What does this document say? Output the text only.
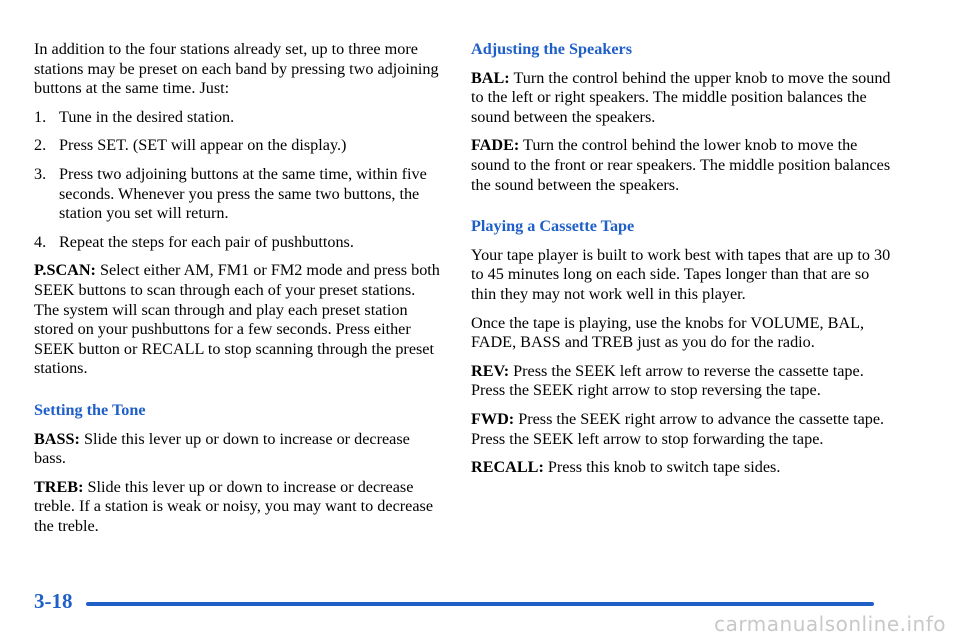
In addition to the four stations already set, up to three more stations may be preset on each band by pressing two adjoining buttons at the same time. Just:

1. Tune in the desired station.
2. Press SET. (SET will appear on the display.)
3. Press two adjoining buttons at the same time, within five seconds. Whenever you press the same two buttons, the station you set will return.
4. Repeat the steps for each pair of pushbuttons.

P.SCAN: Select either AM, FM1 or FM2 mode and press both SEEK buttons to scan through each of your preset stations. The system will scan through and play each preset station stored on your pushbuttons for a few seconds. Press either SEEK button or RECALL to stop scanning through the preset stations.

Setting the Tone

BASS: Slide this lever up or down to increase or decrease bass.

TREB: Slide this lever up or down to increase or decrease treble. If a station is weak or noisy, you may want to decrease the treble.

Adjusting the Speakers

BAL: Turn the control behind the upper knob to move the sound to the left or right speakers. The middle position balances the sound between the speakers.

FADE: Turn the control behind the lower knob to move the sound to the front or rear speakers. The middle position balances the sound between the speakers.

Playing a Cassette Tape

Your tape player is built to work best with tapes that are up to 30 to 45 minutes long on each side. Tapes longer than that are so thin they may not work well in this player.

Once the tape is playing, use the knobs for VOLUME, BAL, FADE, BASS and TREB just as you do for the radio.

REV: Press the SEEK left arrow to reverse the cassette tape. Press the SEEK right arrow to stop reversing the tape.

FWD: Press the SEEK right arrow to advance the cassette tape. Press the SEEK left arrow to stop forwarding the tape.

RECALL: Press this knob to switch tape sides.

3-18
carmanualsonline.info
